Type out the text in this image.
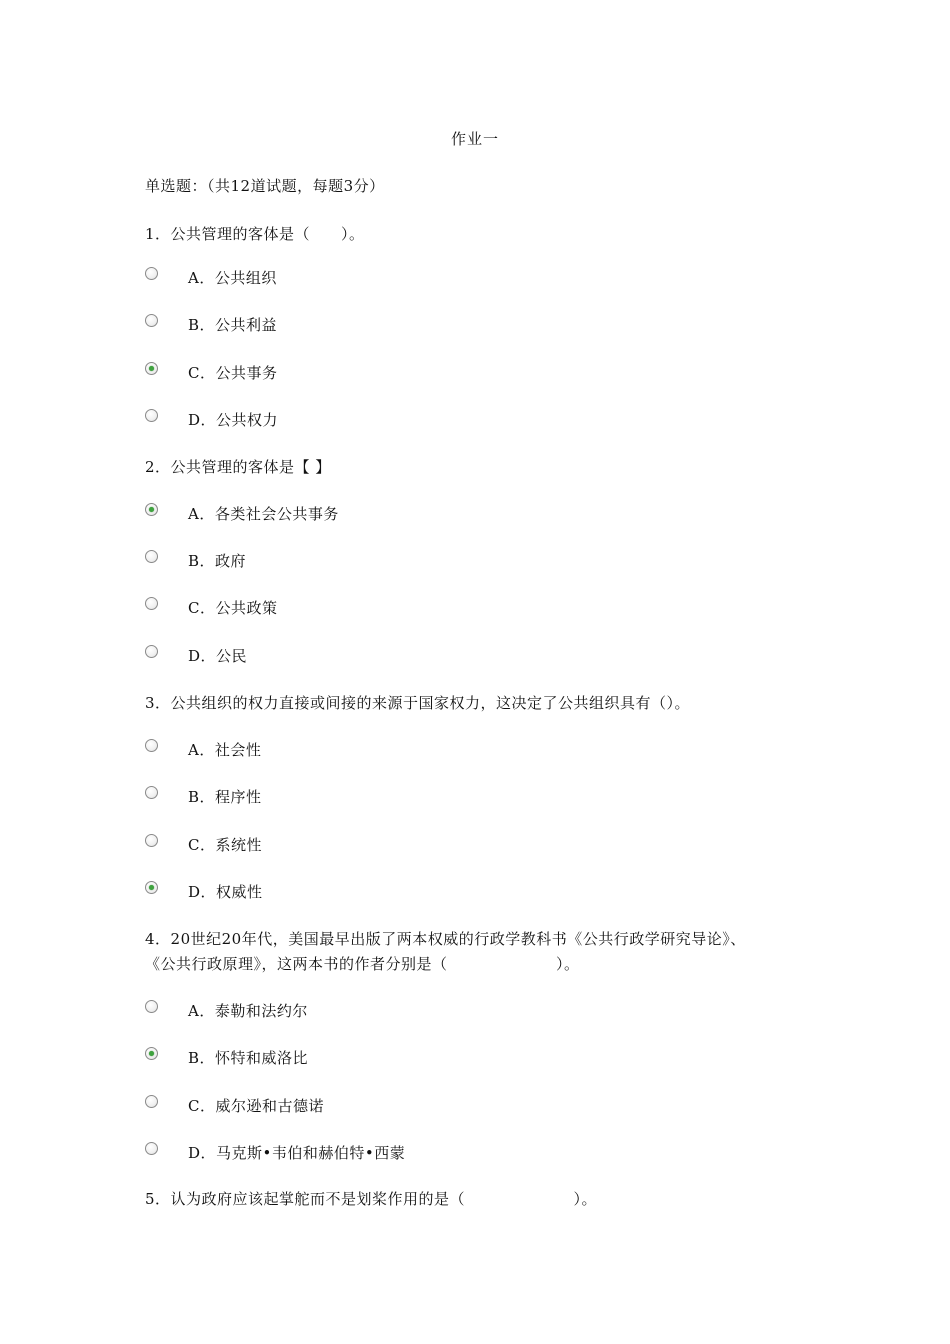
作业一
单选题：（共12道试题，每题3分）
1．公共管理的客体是（　　）。
A．公共组织
B．公共利益
C．公共事务
D．公共权力
2．公共管理的客体是【 】
A．各类社会公共事务
B．政府
C．公共政策
D．公民
3．公共组织的权力直接或间接的来源于国家权力，这决定了公共组织具有（）。
A．社会性
B．程序性
C．系统性
D．权威性
4．20世纪20年代，美国最早出版了两本权威的行政学教科书《公共行政学研究导论》、
《公共行政原理》，这两本书的作者分别是（　　　　　　　）。
A．泰勒和法约尔
B．怀特和威洛比
C．威尔逊和古德诺
D．马克斯•韦伯和赫伯特•西蒙
5．认为政府应该起掌舵而不是划桨作用的是（　　　　　　　）。
